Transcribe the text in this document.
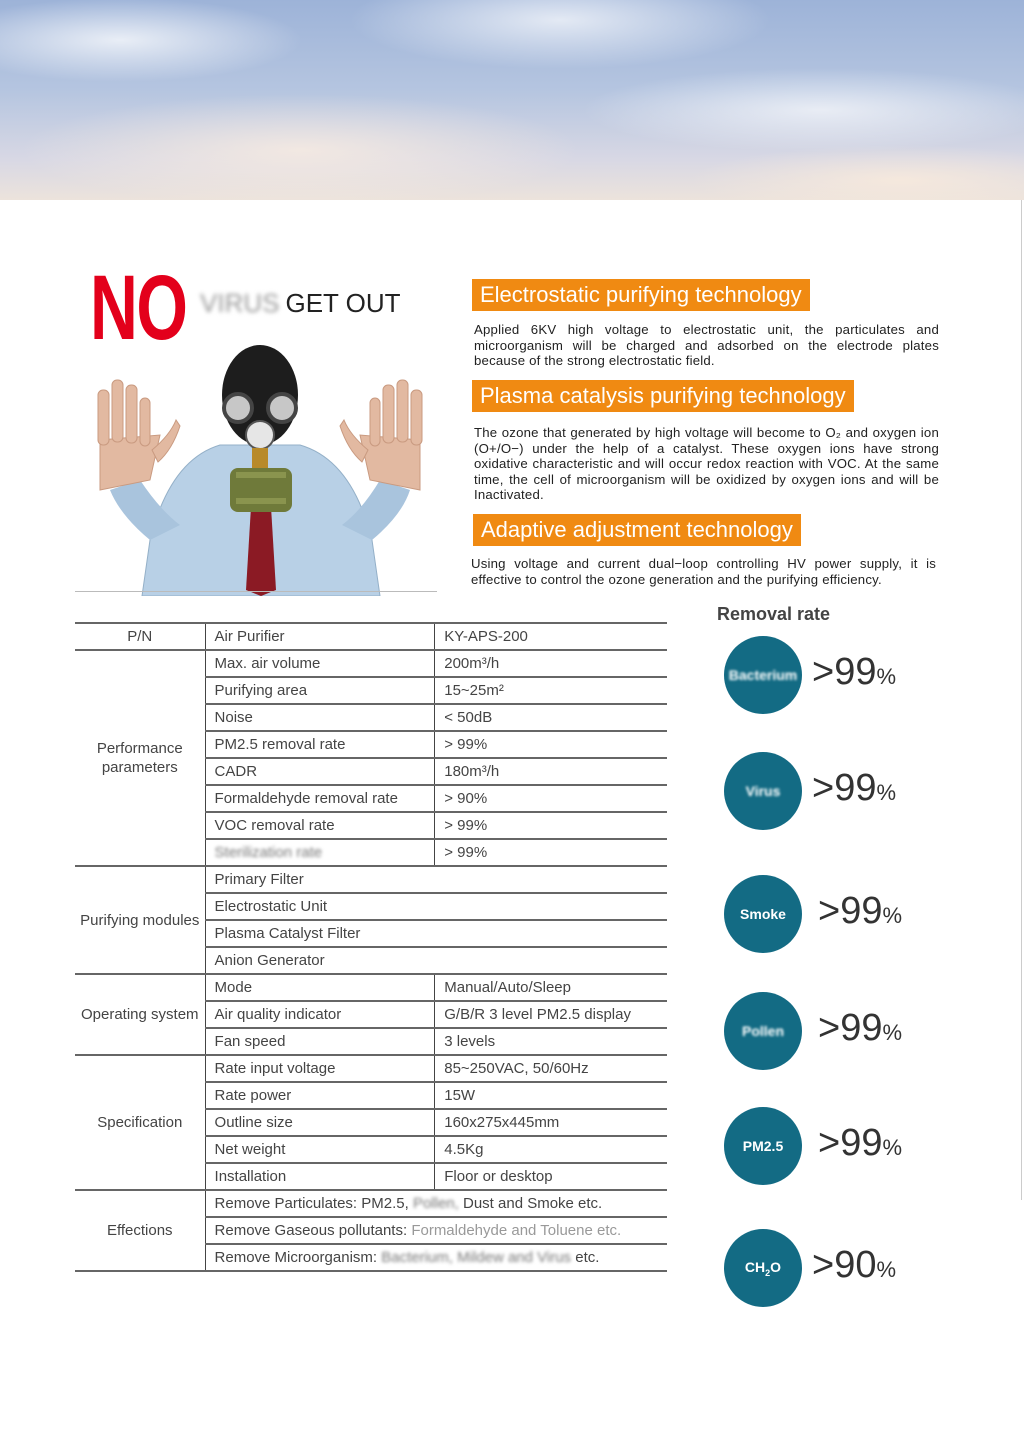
NO VIRUS GET OUT	Electrostatic purifying technology
Applied 6KV high voltage to electrostatic unit, the particulates and microorganism will be charged and adsorbed on the electrode plates because of the strong electrostatic field.
Plasma catalysis purifying technology
The ozone that generated by high voltage will become to O₂ and oxygen ion (O+/O−) under the help of a catalyst. These oxygen ions have strong oxidative characteristic and will occur redox reaction with VOC. At the same time, the cell of microorganism will be oxidized by oxygen ions and will be Inactivated.
Adaptive adjustment technology
Using voltage and current dual−loop controlling HV power supply, it is effective to control the ozone generation and the purifying efficiency.
Removal rate
Bacterium >99%
Virus >99%
Smoke >99%
Pollen >99%
PM2.5 >99%
$CH_2O >90\%$
P/N	Air Purifier	KY-APS-200
Performance parameters	Max. air volume	200m³/h
	Purifying area	15~25m²
	Noise	< 50dB
	PM2.5 removal rate	> 99%
	CADR	180m³/h
	Formaldehyde removal rate	> 90%
	VOC removal rate	> 99%
	Sterilization rate	> 99%
Purifying modules	Primary Filter	
	Electrostatic Unit	
	Plasma Catalyst Filter	
	Anion Generator	
Operating system	Mode	Manual/Auto/Sleep
	Air quality indicator	G/B/R 3 level PM2.5 display
	Fan speed	3 levels
Specification	Rate input voltage	85~250VAC, 50/60Hz
	Rate power	15W
	Outline size	160x275x445mm
	Net weight	4.5Kg
	Installation	Floor or desktop
Effections	Remove Particulates: PM2.5, Pollen, Dust and Smoke etc.	
	Remove Gaseous pollutants: Formaldehyde and Toluene etc.	
	Remove Microorganism: Bacterium, Mildew and Virus etc.	
